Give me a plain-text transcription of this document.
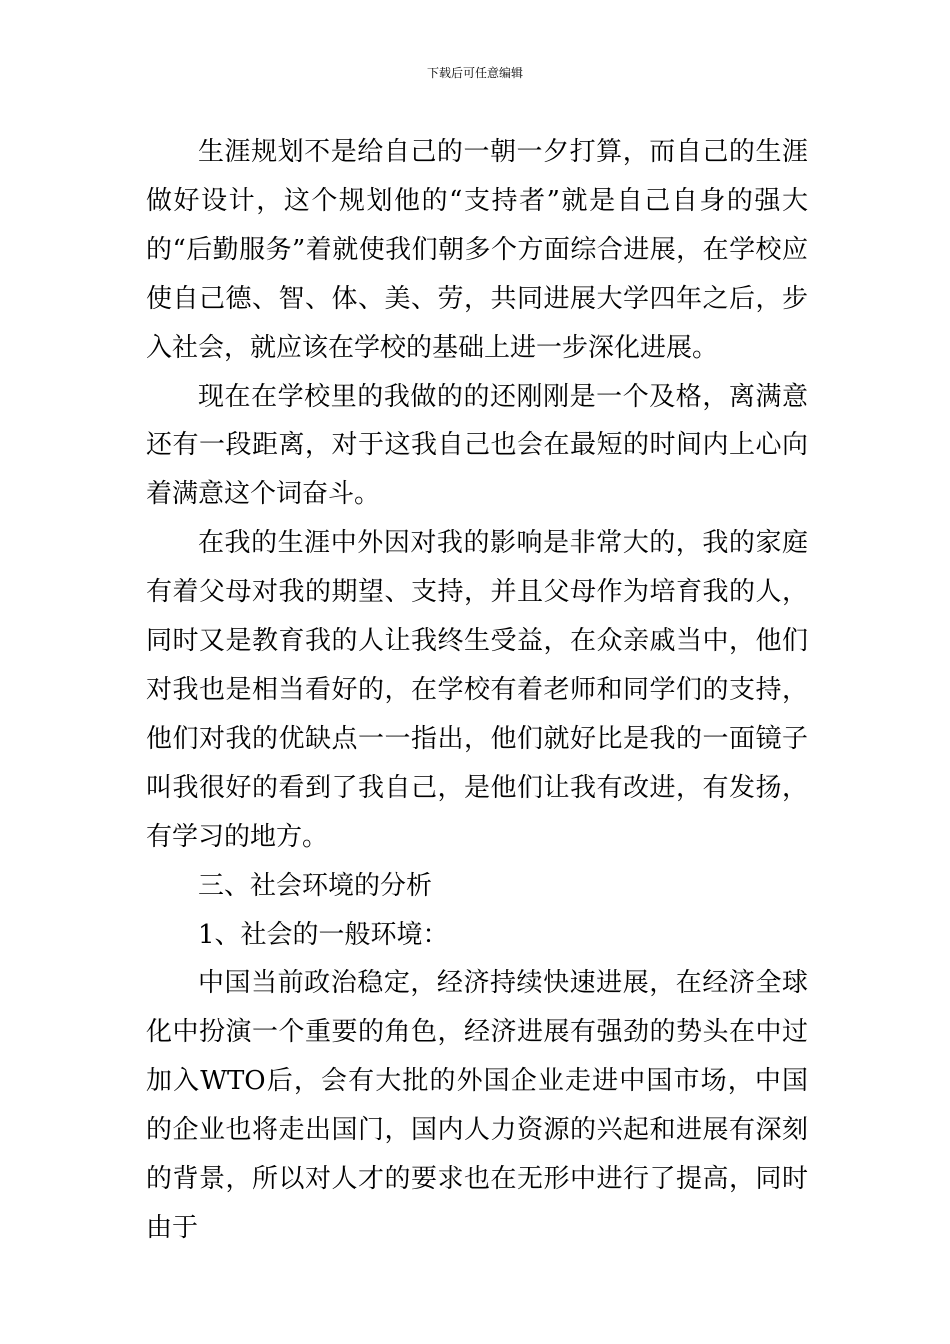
下载后可任意编辑

生涯规划不是给自己的一朝一夕打算，而自己的生涯做好设计，这个规划他的“支持者”就是自己自身的强大的“后勤服务”着就使我们朝多个方面综合进展，在学校应使自己德、智、体、美、劳，共同进展大学四年之后，步入社会，就应该在学校的基础上进一步深化进展。

现在在学校里的我做的的还刚刚是一个及格，离满意还有一段距离，对于这我自己也会在最短的时间内上心向着满意这个词奋斗。

在我的生涯中外因对我的影响是非常大的，我的家庭有着父母对我的期望、支持，并且父母作为培育我的人，同时又是教育我的人让我终生受益，在众亲戚当中，他们对我也是相当看好的，在学校有着老师和同学们的支持，他们对我的优缺点一一指出，他们就好比是我的一面镜子叫我很好的看到了我自己，是他们让我有改进，有发扬，有学习的地方。

三、社会环境的分析

1、社会的一般环境：

中国当前政治稳定，经济持续快速进展，在经济全球化中扮演一个重要的角色，经济进展有强劲的势头在中过加入WTO后，会有大批的外国企业走进中国市场，中国的企业也将走出国门，国内人力资源的兴起和进展有深刻的背景，所以对人才的要求也在无形中进行了提高，同时由于
